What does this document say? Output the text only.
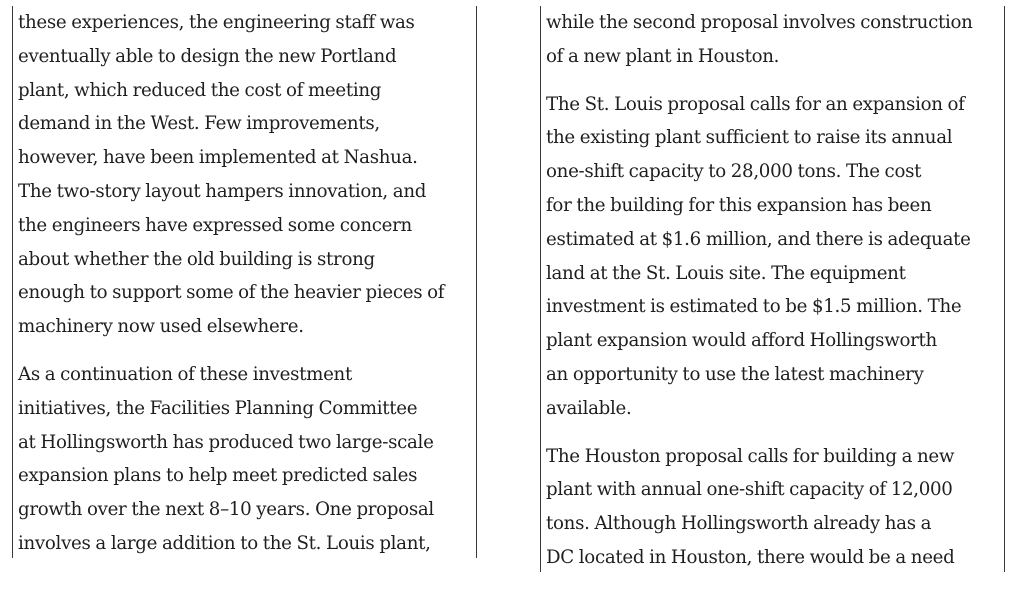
these experiences, the engineering staff was
eventually able to design the new Portland
plant, which reduced the cost of meeting
demand in the West. Few improvements,
however, have been implemented at Nashua.
The two-story layout hampers innovation, and
the engineers have expressed some concern
about whether the old building is strong
enough to support some of the heavier pieces of
machinery now used elsewhere.

As a continuation of these investment
initiatives, the Facilities Planning Committee
at Hollingsworth has produced two large-scale
expansion plans to help meet predicted sales
growth over the next 8–10 years. One proposal
involves a large addition to the St. Louis plant,

while the second proposal involves construction
of a new plant in Houston.

The St. Louis proposal calls for an expansion of
the existing plant sufficient to raise its annual
one-shift capacity to 28,000 tons. The cost
for the building for this expansion has been
estimated at $1.6 million, and there is adequate
land at the St. Louis site. The equipment
investment is estimated to be $1.5 million. The
plant expansion would afford Hollingsworth
an opportunity to use the latest machinery
available.

The Houston proposal calls for building a new
plant with annual one-shift capacity of 12,000
tons. Although Hollingsworth already has a
DC located in Houston, there would be a need
